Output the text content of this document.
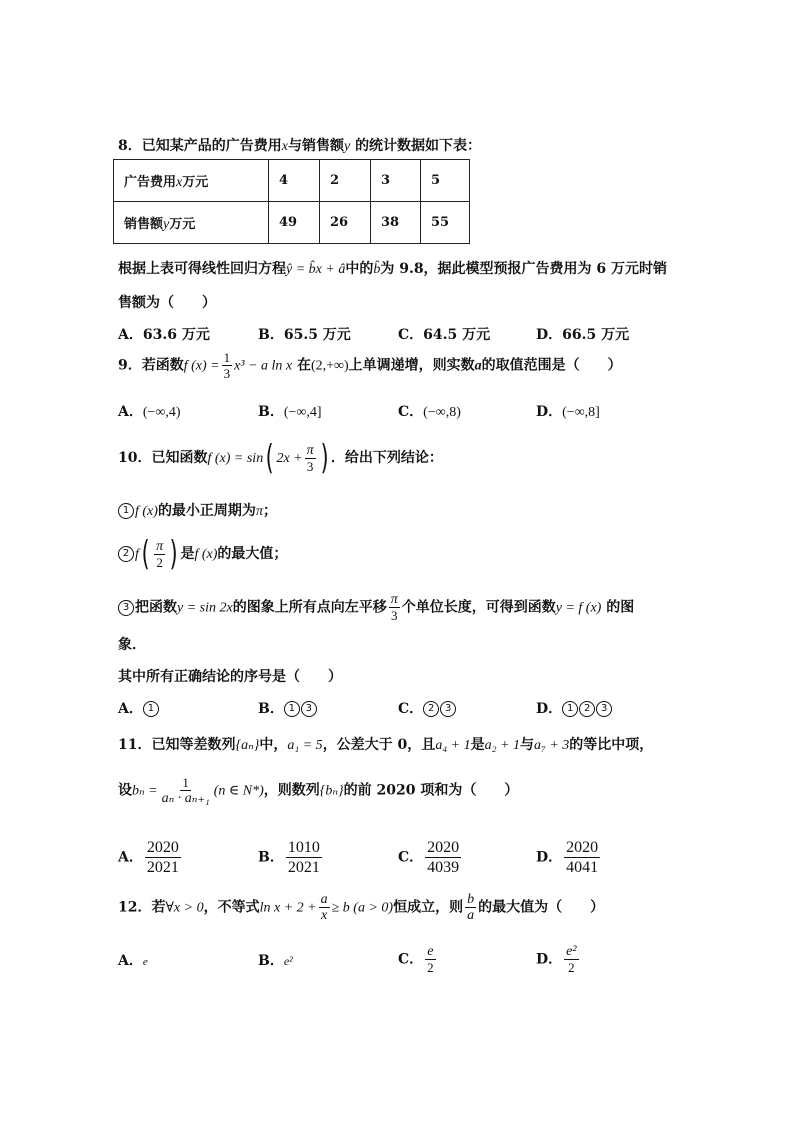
8．已知某产品的广告费用x与销售额y 的统计数据如下表：
广告费用x万元	4	2	3	5
销售额y万元	49	26	38	55
根据上表可得线性回归方程ŷ = b̂x + â中的b̂为 9.8，据此模型预报广告费用为 6 万元时销
售额为（　　）
A．63.6 万元	B．65.5 万元	C．64.5 万元	D．66.5 万元
9．若函数f $(x) = \frac{1}{3} x^3 - a$ ln x 在(2,+∞)上单调递增，则实数a的取值范围是（　　）
A．(−∞,4)	B．(−∞,4]	C．(−∞,8)	D．(−∞,8]
10．已知函数f (x) = sin( $2x + \frac{\pi}{3}$ ) ．给出下列结论：
1 f (x)的最小正周期为π；
2 $f( \frac{\pi}{2}$ ) 是f (x)的最大值；
3 把函数y = sin 2x的图象上所有点向左平移 $\frac{\pi}{3}$ 个单位长度，可得到函数y = f (x) 的图
象．
其中所有正确结论的序号是（　　）
A． 1	B． 1 3	C． 2 3	D． 1 2 3
11．已知等差数列{aₙ}中，a₁ = 5，公差大于 0，且a₄ + 1是a₂ + 1与a₇ + 3的等比中项，
设$b_n = \frac{1}{\text{aₙ · aₙ₊₁}} (n$ ∈ N*)，则数列{bₙ}的前 2020 项和为（　　）
A． $\frac{2020}{2021}$	B． $\frac{1010}{2021}$	C． $\frac{2020}{4039}$	D． $\frac{2020}{4041}$
12．若∀x > 0，不等式$\ln x + 2 + \frac{a}{x} \ge b$ (a > 0)恒成立，则 $\frac{b}{a}$ 的最大值为（　　）
A．e	B．e²	C． $\frac{e}{2}$	D． $\frac{\text{e²}}{2}$
